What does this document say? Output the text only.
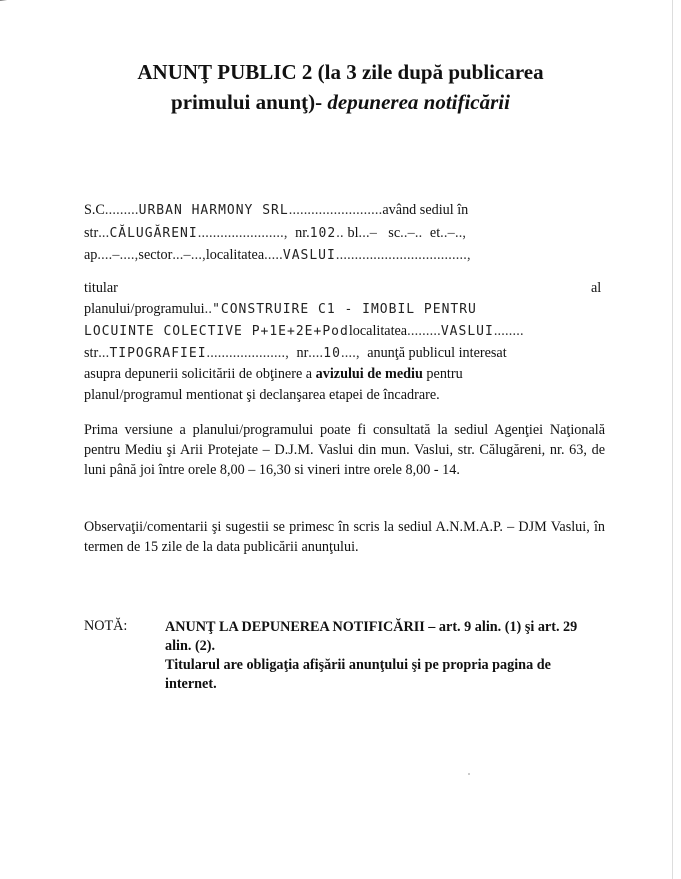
ANUNŢ PUBLIC 2 (la 3 zile după publicarea
primului anunţ)- depunerea notificării
S.C.........URBAN HARMONY SRL.........................având sediul în
str...CĂLUGĂRENI.......................,  nr.102.. bl...–   sc..–..  et..–..,
ap....–....,sector...–...,localitatea.....VASLUI...................................,
titular	al
planului/programului.."CONSTRUIRE C1 - IMOBIL PENTRU
LOCUINTE COLECTIVE P+1E+2E+Podlocalitatea.........VASLUI........
str...TIPOGRAFIEI.....................,  nr....10....,  anunţă publicul interesat
asupra depunerii solicitării de obţinere a avizului de mediu pentru
planul/programul mentionat şi declanşarea etapei de încadrare.
Prima versiune a planului/programului poate fi consultată la sediul Agenţiei Naţională pentru Mediu şi Arii Protejate – D.J.M. Vaslui din mun. Vaslui, str. Călugăreni, nr. 63, de luni până joi între orele 8,00 – 16,30 si vineri intre orele 8,00 - 14.
Observaţii/comentarii şi sugestii se primesc în scris la sediul A.N.M.A.P. – DJM Vaslui, în termen de 15 zile de la data publicării anunţului.
NOTĂ:	ANUNŢ LA DEPUNEREA NOTIFICĂRII – art. 9 alin. (1) şi art. 29 alin. (2).
Titularul are obligaţia afişării anunţului şi pe propria pagina de internet.
